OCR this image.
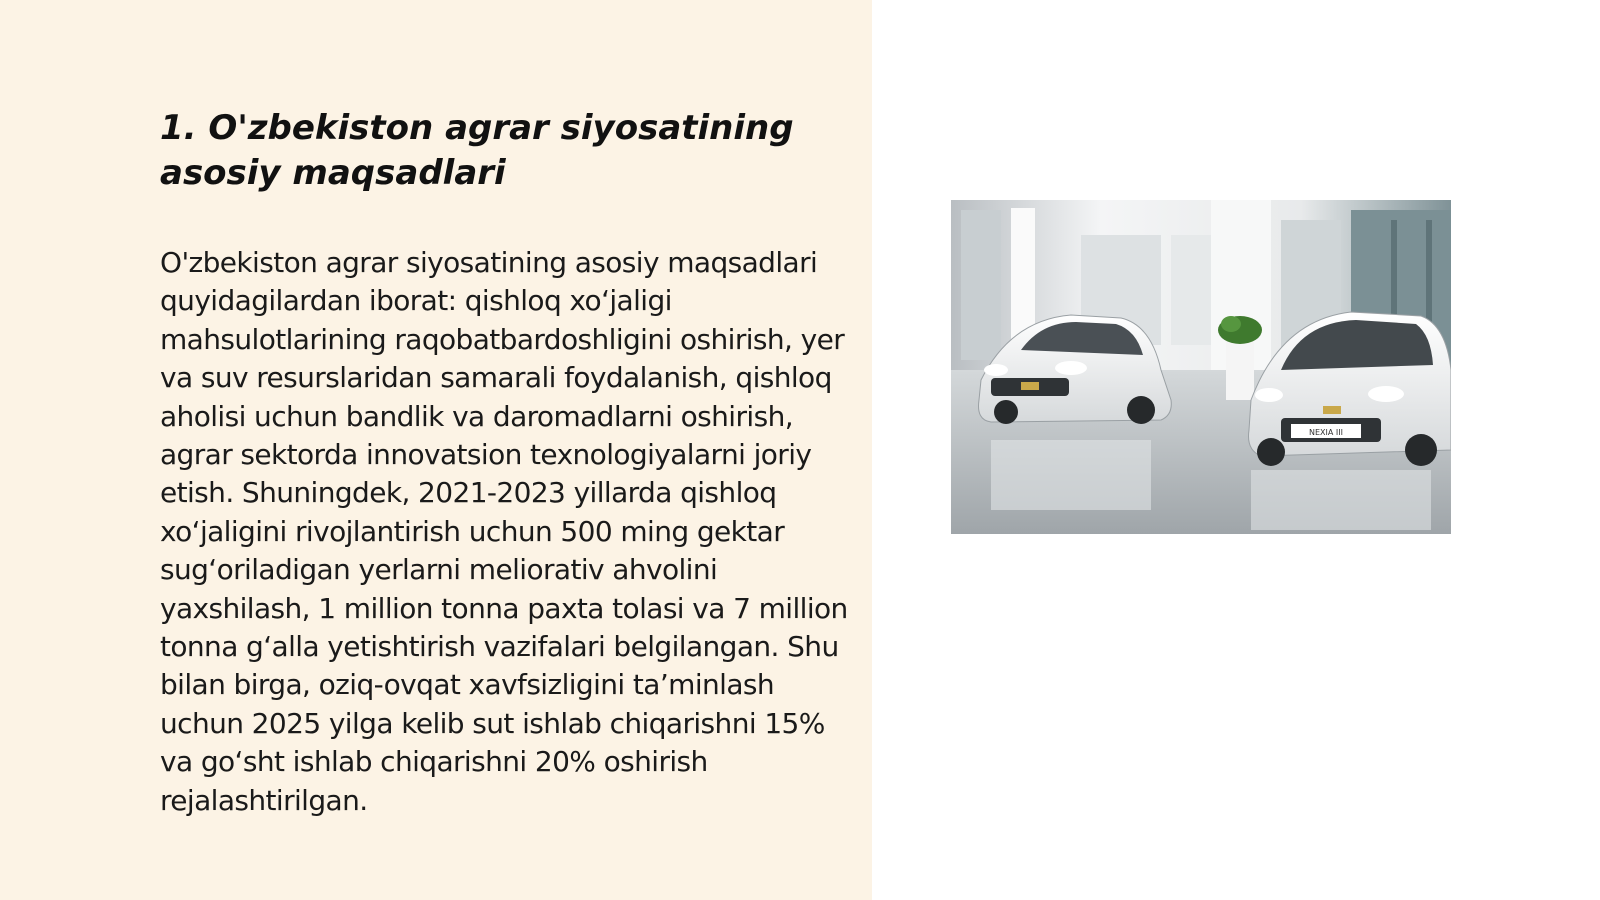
1. O'zbekiston agrar siyosatining asosiy maqsadlari

O'zbekiston agrar siyosatining asosiy maqsadlari quyidagilardan iborat: qishloq xo‘jaligi mahsulotlarining raqobatbardoshligini oshirish, yer va suv resurslaridan samarali foydalanish, qishloq aholisi uchun bandlik va daromadlarni oshirish, agrar sektorda innovatsion texnologiyalarni joriy etish. Shuningdek, 2021-2023 yillarda qishloq xo‘jaligini rivojlantirish uchun 500 ming gektar sug‘oriladigan yerlarni meliorativ ahvolini yaxshilash, 1 million tonna paxta tolasi va 7 million tonna g‘alla yetishtirish vazifalari belgilangan. Shu bilan birga, oziq-ovqat xavfsizligini ta’minlash uchun 2025 yilga kelib sut ishlab chiqarishni 15% va go‘sht ishlab chiqarishni 20% oshirish rejalashtirilgan.

NEXIA III
